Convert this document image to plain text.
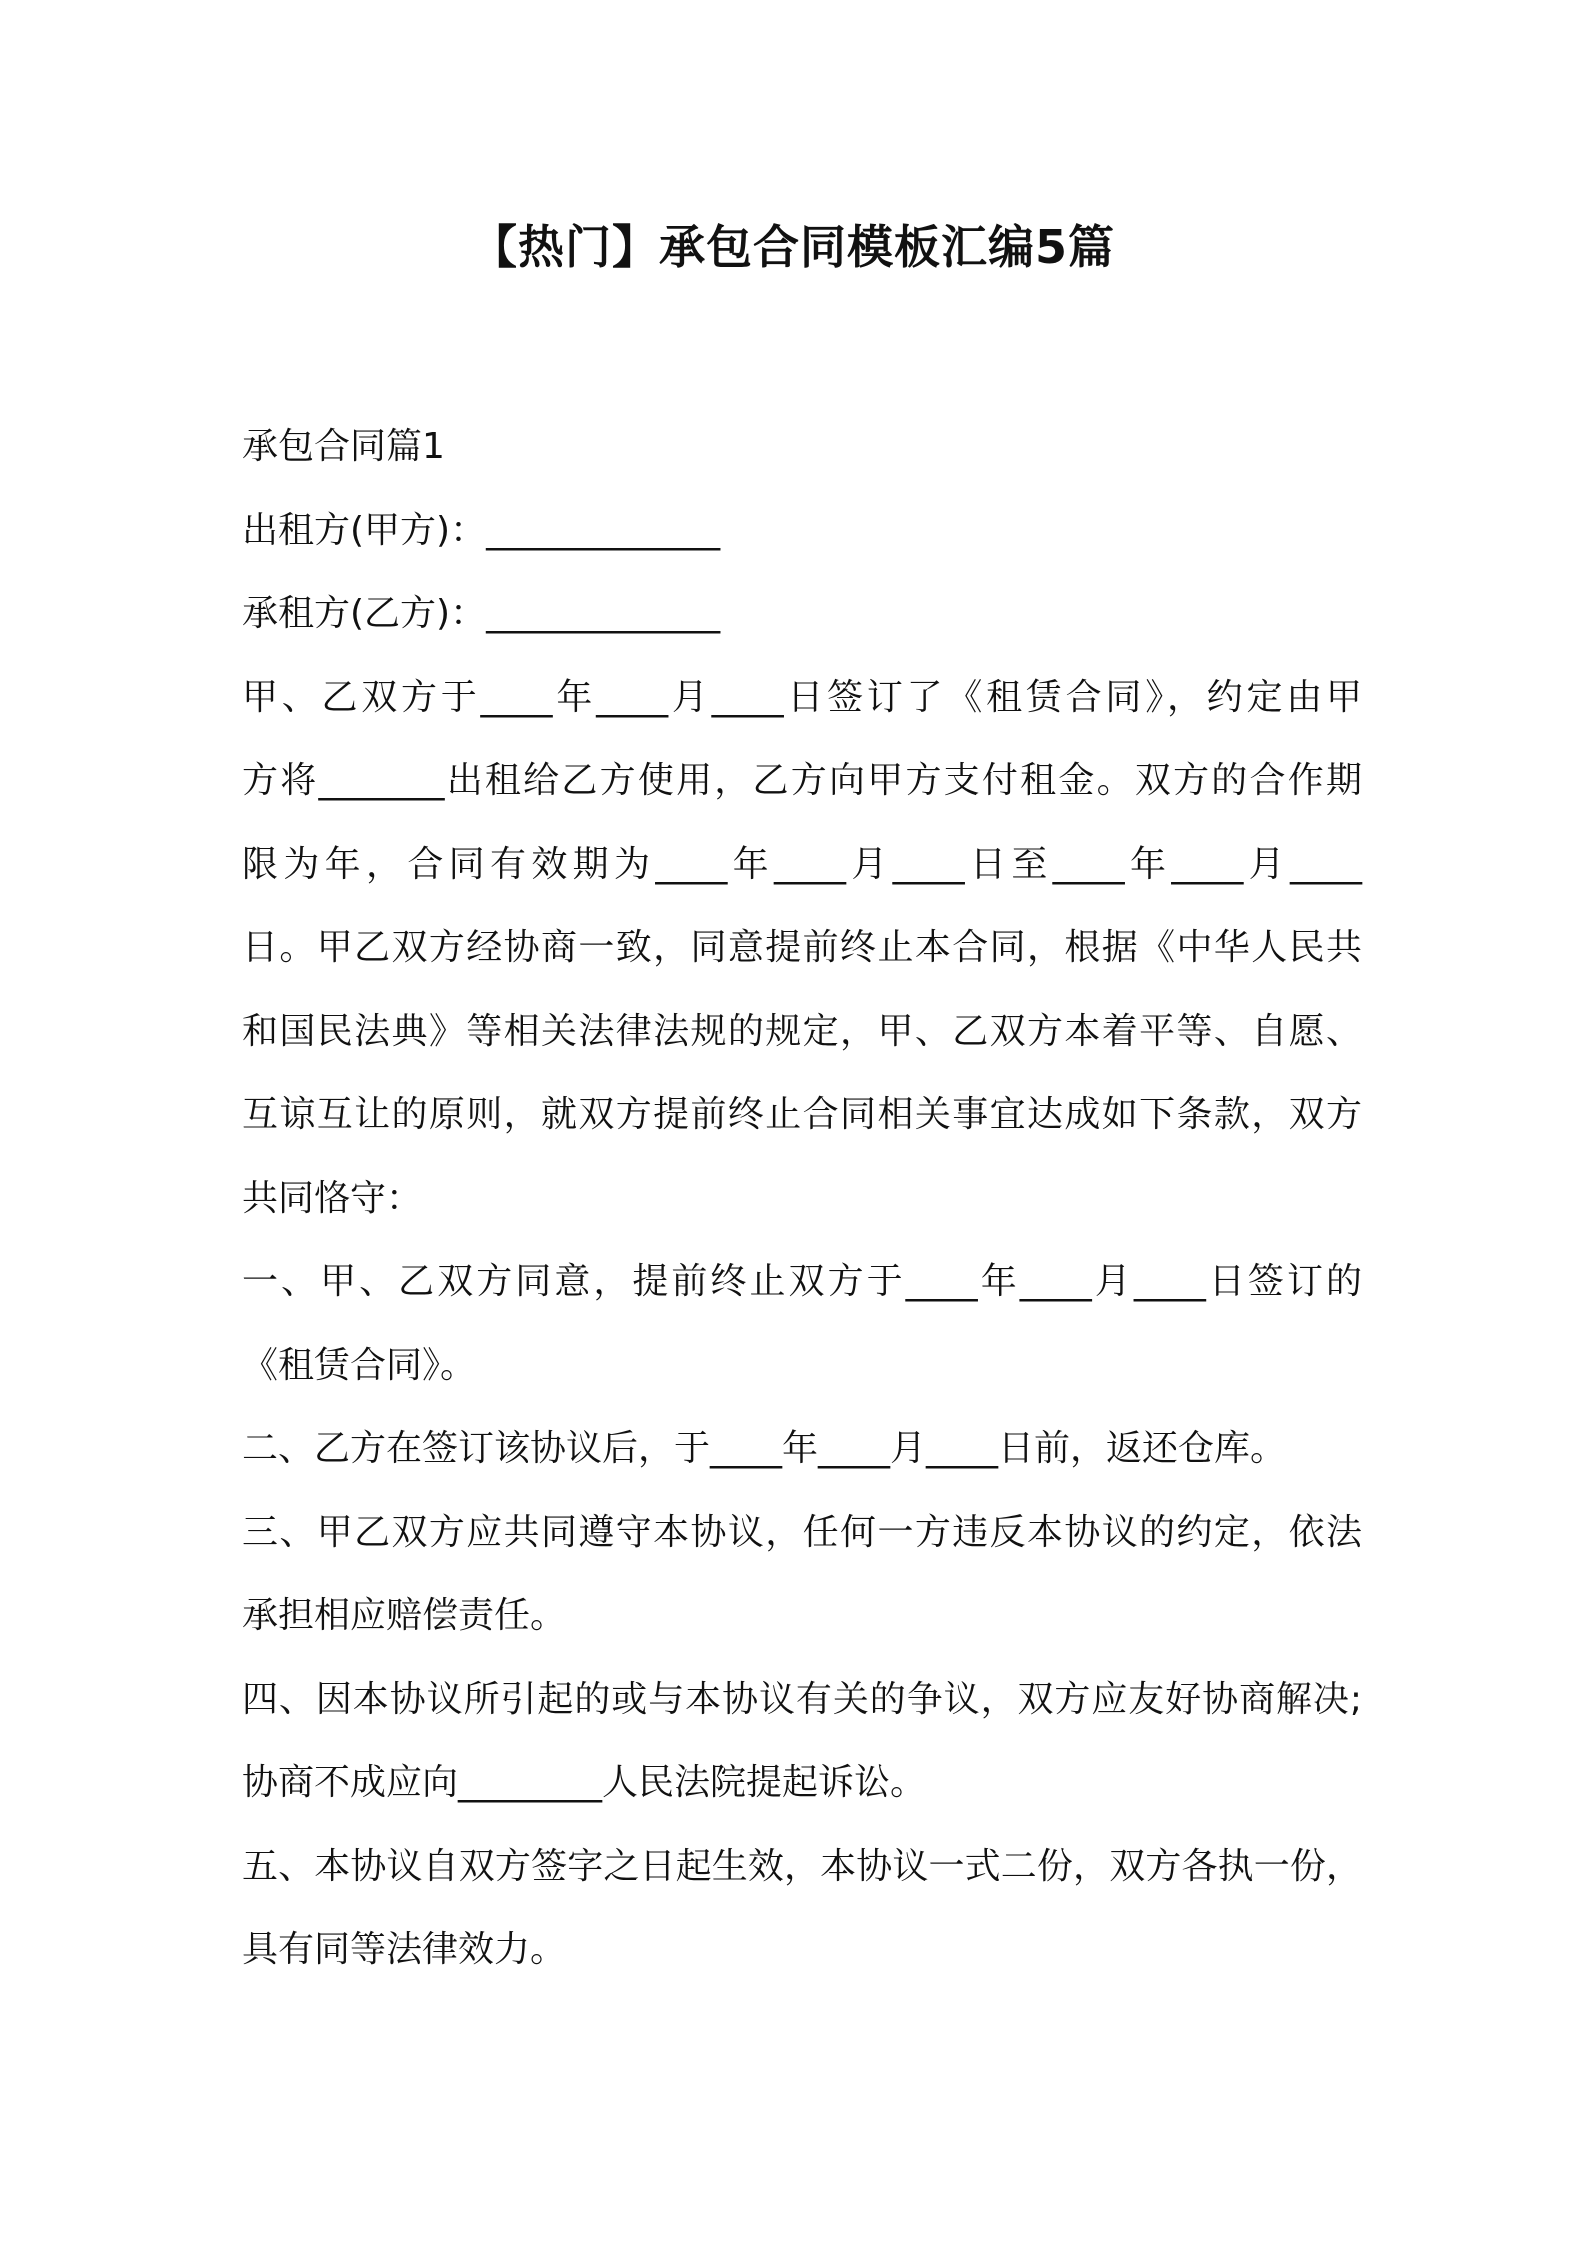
【热门】承包合同模板汇编5篇

承包合同篇1

出租方(甲方)：_____________

承租方(乙方)：_____________

甲、乙双方于____年____月____日签订了《租赁合同》，约定由甲

方将_______出租给乙方使用，乙方向甲方支付租金。双方的合作期

限为年，合同有效期为____年____月____日至____年____月____

日。甲乙双方经协商一致，同意提前终止本合同，根据《中华人民共

和国民法典》等相关法律法规的规定，甲、乙双方本着平等、自愿、

互谅互让的原则，就双方提前终止合同相关事宜达成如下条款，双方

共同恪守：

一、甲、乙双方同意，提前终止双方于____年____月____日签订的

《租赁合同》。

二、乙方在签订该协议后，于____年____月____日前，返还仓库。

三、甲乙双方应共同遵守本协议，任何一方违反本协议的约定，依法

承担相应赔偿责任。

四、因本协议所引起的或与本协议有关的争议，双方应友好协商解决;

协商不成应向________人民法院提起诉讼。

五、本协议自双方签字之日起生效，本协议一式二份，双方各执一份，

具有同等法律效力。
